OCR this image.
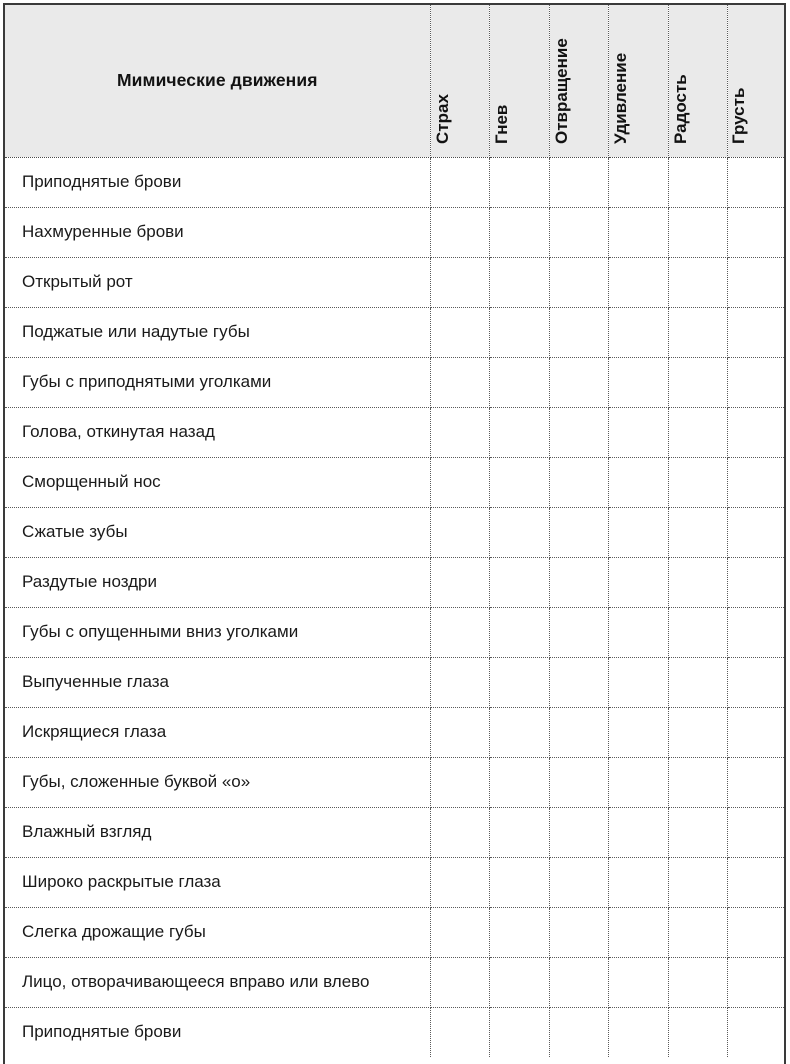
Мимические движения	Страх	Гнев	Отвращение	Удивление	Радость	Грусть

Приподнятые брови						

Нахмуренные брови						

Открытый рот						

Поджатые или надутые губы						

Губы с приподнятыми уголками						

Голова, откинутая назад						

Сморщенный нос						

Сжатые зубы						

Раздутые ноздри						

Губы с опущенными вниз уголками						

Выпученные глаза						

Искрящиеся глаза						

Губы, сложенные буквой «о»						

Влажный взгляд						

Широко раскрытые глаза						

Слегка дрожащие губы						

Лицо, отворачивающееся вправо или влево						

Приподнятые брови						
